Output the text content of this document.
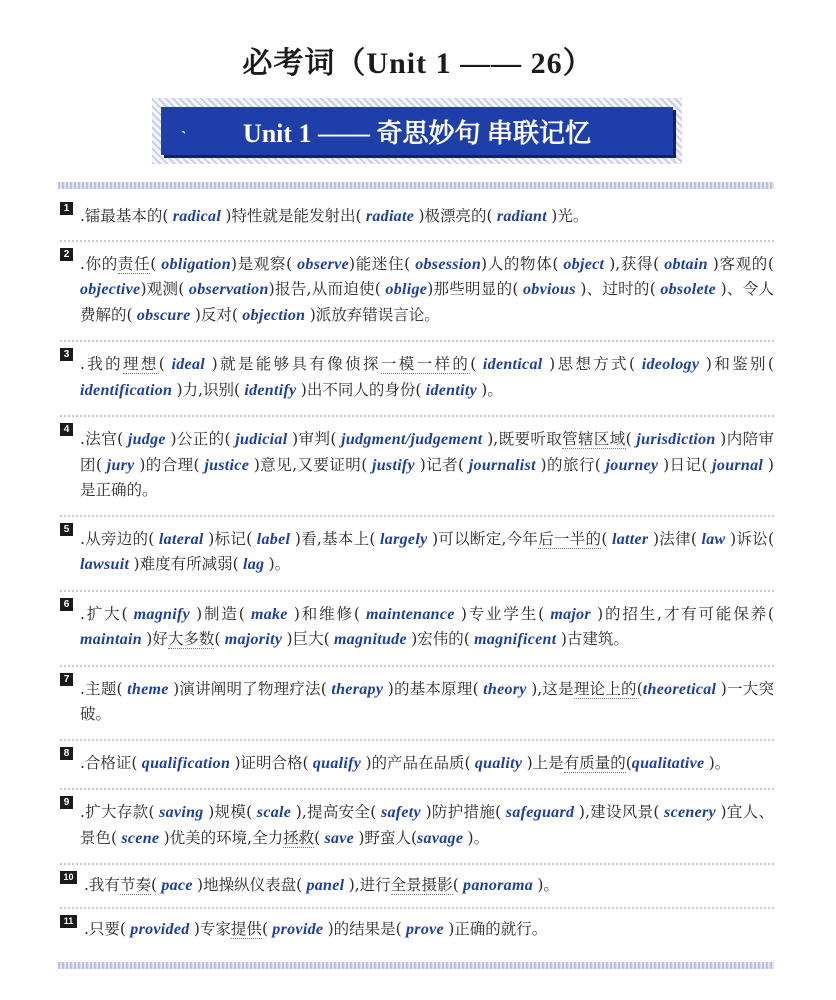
必考词（Unit 1 —— 26）
ˎ Unit 1 —— 奇思妙句 串联记忆
1 .镭最基本的( radical )特性就是能发射出( radiate )极漂亮的( radiant )光。
2
.你的责任( obligation)是观察( observe)能迷住( obsession)人的物体( object ),获得( obtain )客观的( objective)观测( observation)报告,从而迫使( oblige)那些明显的( obvious )、过时的( obsolete )、令人费解的( obscure )反对( objection )派放弃错误言论。
3
.我的理想( ideal )就是能够具有像侦探一模一样的( identical )思想方式( ideology )和鉴别( identification )力,识别( identify )出不同人的身份( identity )。
4
.法官( judge )公正的( judicial )审判( judgment/judgement ),既要听取管辖区域( jurisdiction )内陪审团( jury )的合理( justice )意见,又要证明( justify )记者( journalist )的旅行( journey )日记( journal )是正确的。
5
.从旁边的( lateral )标记( label )看,基本上( largely )可以断定,今年后一半的( latter )法律( law )诉讼( lawsuit )难度有所减弱( lag )。
6
.扩大( magnify )制造( make )和维修( maintenance )专业学生( major )的招生,才有可能保养( maintain )好大多数( majority )巨大( magnitude )宏伟的( magnificent )古建筑。
7
.主题( theme )演讲阐明了物理疗法( therapy )的基本原理( theory ),这是理论上的(theoretical )一大突破。
8
.合格证( qualification )证明合格( qualify )的产品在品质( quality )上是有质量的(qualitative )。
9
.扩大存款( saving )规模( scale ),提高安全( safety )防护措施( safeguard ),建设风景( scenery )宜人、景色( scene )优美的环境,全力拯救( save )野蛮人(savage )。
10 .我有节奏( pace )地操纵仪表盘( panel ),进行全景摄影( panorama )。
11 .只要( provided )专家提供( provide )的结果是( prove )正确的就行。
